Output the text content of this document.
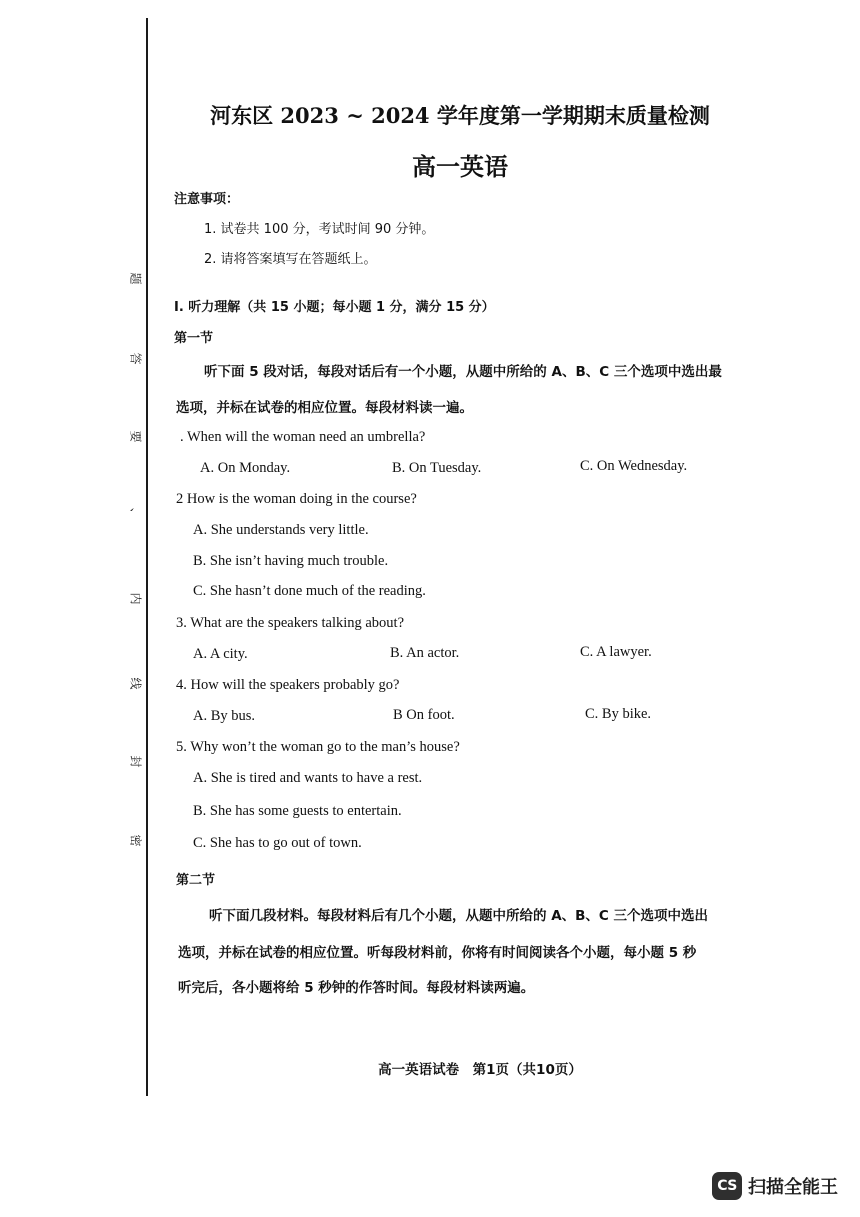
题
答
要
、
内
线
封
密
河东区 2023 ~ 2024 学年度第一学期期末质量检测
高一英语
注意事项：
1. 试卷共 100 分，考试时间 90 分钟。
2. 请将答案填写在答题纸上。
Ⅰ. 听力理解（共 15 小题；每小题 1 分，满分 15 分）
第一节
听下面 5 段对话，每段对话后有一个小题，从题中所给的 A、B、C 三个选项中选出最
选项，并标在试卷的相应位置。每段材料读一遍。
. When will the woman need an umbrella?
A. On Monday.	B. On Tuesday.	C. On Wednesday.
2 How is the woman doing in the course?
A. She understands very little.
B. She isn’t having much trouble.
C. She hasn’t done much of the reading.
3. What are the speakers talking about?
A. A city.	B. An actor.	C. A lawyer.
4. How will the speakers probably go?
A. By bus.	B On foot.	C. By bike.
5. Why won’t the woman go to the man’s house?
A. She is tired and wants to have a rest.
B. She has some guests to entertain.
C. She has to go out of town.
第二节
听下面几段材料。每段材料后有几个小题，从题中所给的 A、B、C 三个选项中选出
选项，并标在试卷的相应位置。听每段材料前，你将有时间阅读各个小题，每小题 5 秒
听完后，各小题将给 5 秒钟的作答时间。每段材料读两遍。
高一英语试卷　第1页（共10页）
CS 扫描全能王
